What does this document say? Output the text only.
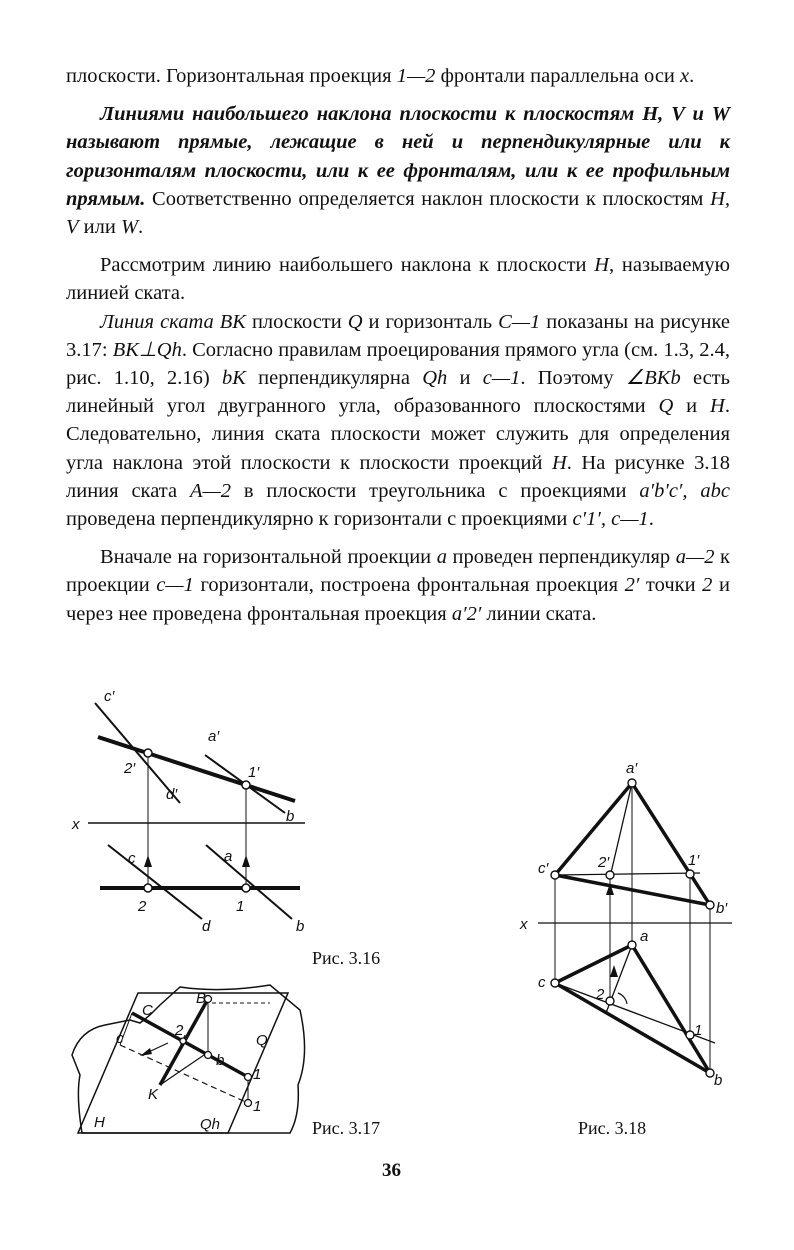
плоскости. Горизонтальная проекция 1—2 фронтали параллельна оси x.

Линиями наибольшего наклона плоскости к плоскостям H, V и W называют прямые, лежащие в ней и перпендикулярные или к горизонталям плоскости, или к ее фронталям, или к ее профильным прямым. Соответственно определяется наклон плоскости к плоскостям H, V или W.

Рассмотрим линию наибольшего наклона к плоскости H, называемую линией ската.

Линия ската BK плоскости Q и горизонталь C—1 показаны на рисунке 3.17: BK⊥Qh. Согласно правилам проецирования прямого угла (см. 1.3, 2.4, рис. 1.10, 2.16) bK перпендикулярна Qh и c—1. Поэтому ∠BKb есть линейный угол двугранного угла, образованного плоскостями Q и H. Следовательно, линия ската плоскости может служить для определения угла наклона этой плоскости к плоскости проекций H. На рисунке 3.18 линия ската A—2 в плоскости треугольника с проекциями a′b′c′, abc проведена перпендикулярно к горизонтали с проекциями c′1′, c—1.

Вначале на горизонтальной проекции a проведен перпендикуляр a—2 к проекции c—1 горизонтали, построена фронтальная проекция 2′ точки 2 и через нее проведена фронтальная проекция a′2′ линии ската.

c′
a′
2′	1′
d′
b
x
c	a
2	1
d	b
Рис. 3.16
C
B
c	2
Q
b
K
1
1
H	Qh	Рис. 3.17
a′
c′	2′	1′
b′
x
a
c
2
1
b
Рис. 3.18
36
